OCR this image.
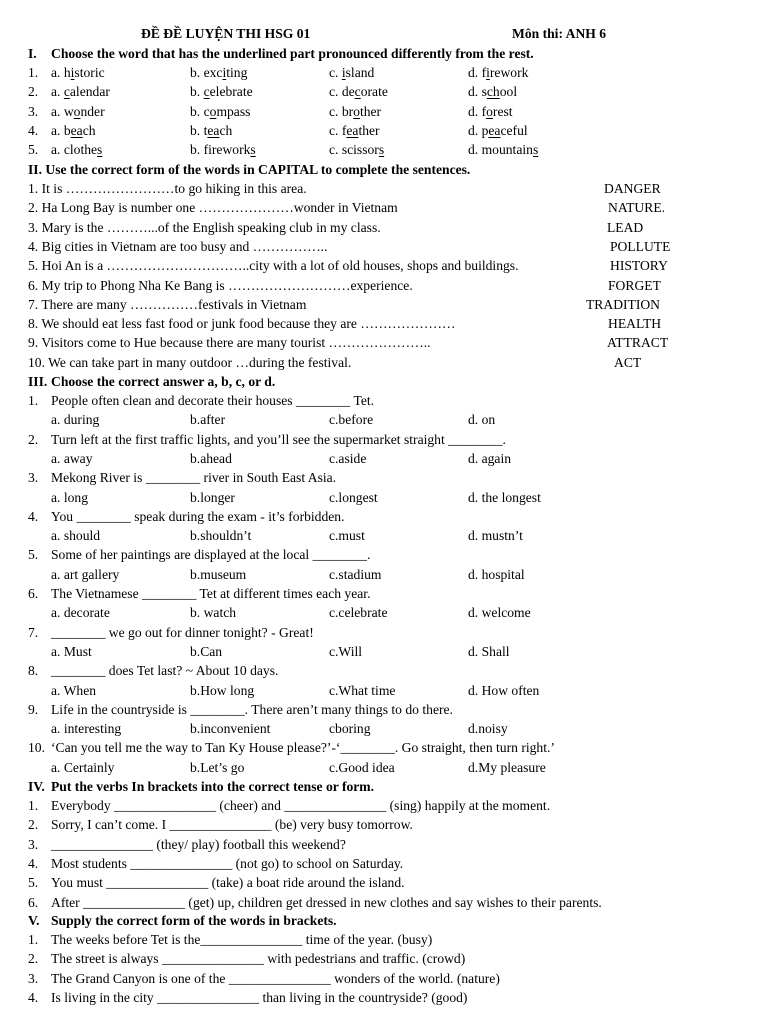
ĐỀ ĐỀ LUYỆN THI HSG 01	Môn thi: ANH 6
I. Choose the word that has the underlined part pronounced differently from the rest.
1. a. historic	b. exciting	c. island	d. firework
2. a. calendar	b. celebrate	c. decorate	d. school
3. a. wonder	b. compass	c. brother	d. forest
4. a. beach	b. teach	c. feather	d. peaceful
5. a. clothes	b. fireworks	c. scissors	d. mountains
II. Use the correct form of the words in CAPITAL to complete the sentences.
1. It is ……………………to go hiking in this area.	DANGER
2. Ha Long Bay is number one …………………wonder in Vietnam	NATURE.
3. Mary is the ………...of the English speaking club in my class.	LEAD
4. Big cities in Vietnam are too busy and ……………..	POLLUTE
5. Hoi An is a …………………………..city with a lot of old houses, shops and buildings.	HISTORY
6. My trip to Phong Nha Ke Bang is ………………………experience.	FORGET
7. There are many ……………festivals in Vietnam	TRADITION
8. We should eat less fast food or junk food because they are …………………	HEALTH
9. Visitors come to Hue because there are many tourist …………………..	ATTRACT
10. We can take part in many outdoor …during the festival.	ACT
III. Choose the correct answer a, b, c, or d.
1. People often clean and decorate their houses ________ Tet.
a. during	b.after	c.before	d. on
2. Turn left at the first traffic lights, and you’ll see the supermarket straight ________.
a. away	b.ahead	c.aside	d. again
3. Mekong River is ________ river in South East Asia.
a. long	b.longer	c.longest	d. the longest
4. You ________ speak during the exam - it’s forbidden.
a. should	b.shouldn’t	c.must	d. mustn’t
5. Some of her paintings are displayed at the local ________.
a. art gallery	b.museum	c.stadium	d. hospital
6. The Vietnamese ________ Tet at different times each year.
a. decorate	b. watch	c.celebrate	d. welcome
7. ________ we go out for dinner tonight? - Great!
a. Must	b.Can	c.Will	d. Shall
8. ________ does Tet last? ~ About 10 days.
a. When	b.How long	c.What time	d. How often
9. Life in the countryside is ________. There aren’t many things to do there.
a. interesting	b.inconvenient	cboring	d.noisy
10. ‘Can you tell me the way to Tan Ky House please?’-‘________. Go straight, then turn right.’
a. Certainly	b.Let’s go	c.Good idea	d.My pleasure
IV. Put the verbs In brackets into the correct tense or form.
1. Everybody _______________ (cheer) and _______________ (sing) happily at the moment.
2. Sorry, I can’t come. I _______________ (be) very busy tomorrow.
3. _______________ (they/ play) football this weekend?
4. Most students _______________ (not go) to school on Saturday.
5. You must _______________ (take) a boat ride around the island.
6. After _______________ (get) up, children get dressed in new clothes and say wishes to their parents.
V. Supply the correct form of the words in brackets.
1. The weeks before Tet is the_______________ time of the year. (busy)
2. The street is always _______________ with pedestrians and traffic. (crowd)
3. The Grand Canyon is one of the _______________ wonders of the world. (nature)
4. Is living in the city _______________ than living in the countryside? (good)
